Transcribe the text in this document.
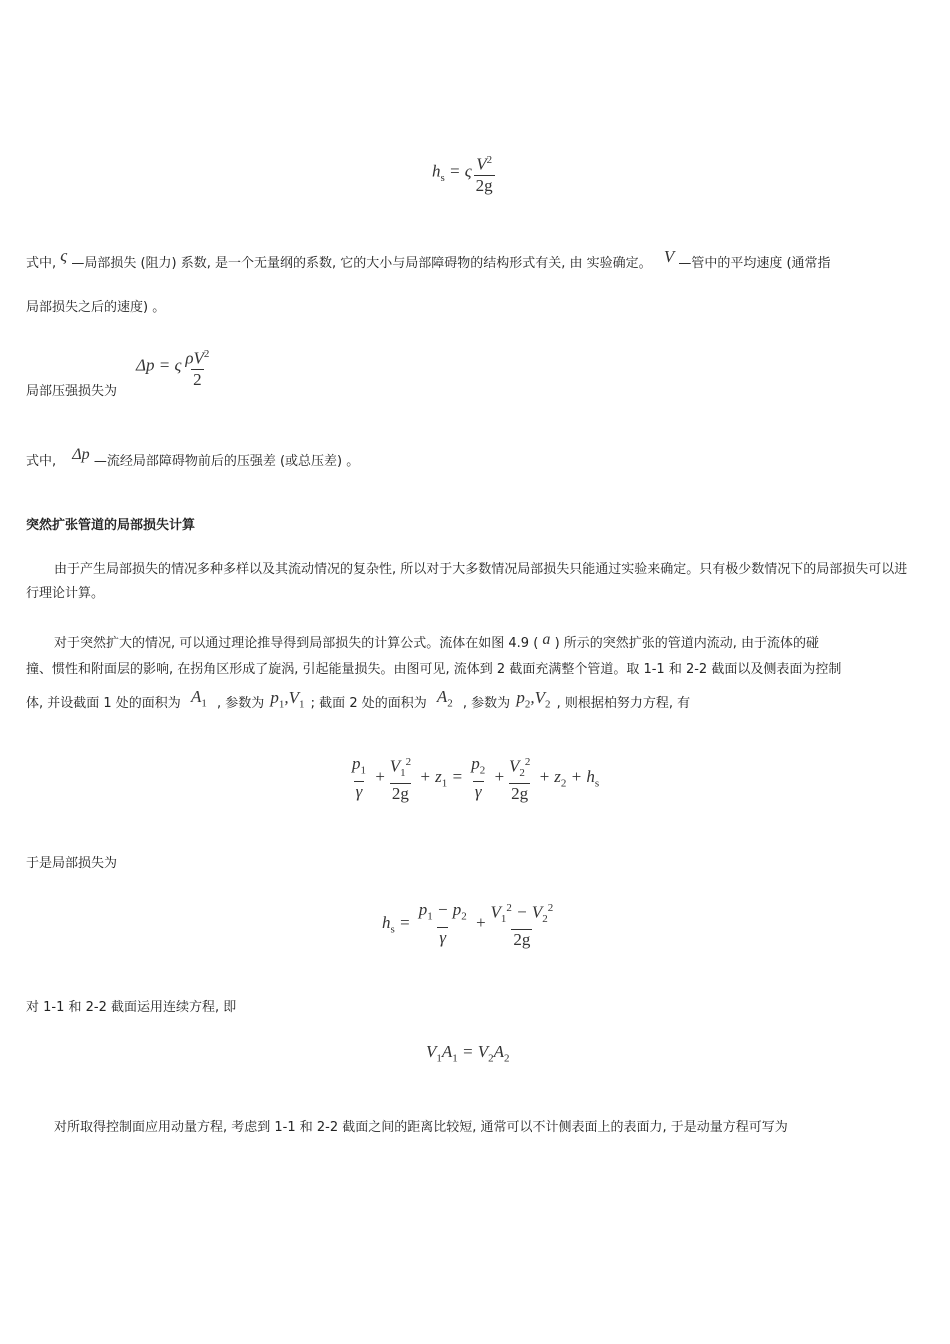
$h_s = \varsigma \frac{V^2}{2g}$
式中, ς —局部损失 (阻力) 系数, 是一个无量纲的系数, 它的大小与局部障碍物的结构形式有关, 由 实验确定。 V —管中的平均速度 (通常指
局部损失之后的速度) 。
局部压强损失为
Δp = ς $\frac{\rho V^2}{2}$
式中, Δp —流经局部障碍物前后的压强差 (或总压差) 。
突然扩张管道的局部损失计算
由于产生局部损失的情况多种多样以及其流动情况的复杂性, 所以对于大多数情况局部损失只能通过实验来确定。只有极少数情况下的局部损失可以进行理论计算。
对于突然扩大的情况, 可以通过理论推导得到局部损失的计算公式。流体在如图 4.9 ( a ) 所示的突然扩张的管道内流动, 由于流体的碰
撞、惯性和附面层的影响, 在拐角区形成了旋涡, 引起能量损失。由图可见, 流体到 2 截面充满整个管道。取 1-1 和 2-2 截面以及侧表面为控制
体, 并设截面 1 处的面积为 $A_1$ , 参数为 $p_1,V_1$ ; 截面 2 处的面积为 $A_2$ , 参数为 $p_2,V_2$ , 则根据柏努力方程, 有
$\frac{p_1}{\gamma} + \frac{V_1^2}{2g} + z_1 = \frac{p_2}{\gamma} + \frac{V_2^2}{2g} + z_2 + h_s$
于是局部损失为
$h_s = \frac{p_1 - p_2}{\gamma} + \frac{V_1^2 - V_2^2}{2g}$
对 1-1 和 2-2 截面运用连续方程, 即
$V_1A_1 = V_2A_2$
对所取得控制面应用动量方程, 考虑到 1-1 和 2-2 截面之间的距离比较短, 通常可以不计侧表面上的表面力, 于是动量方程可写为
